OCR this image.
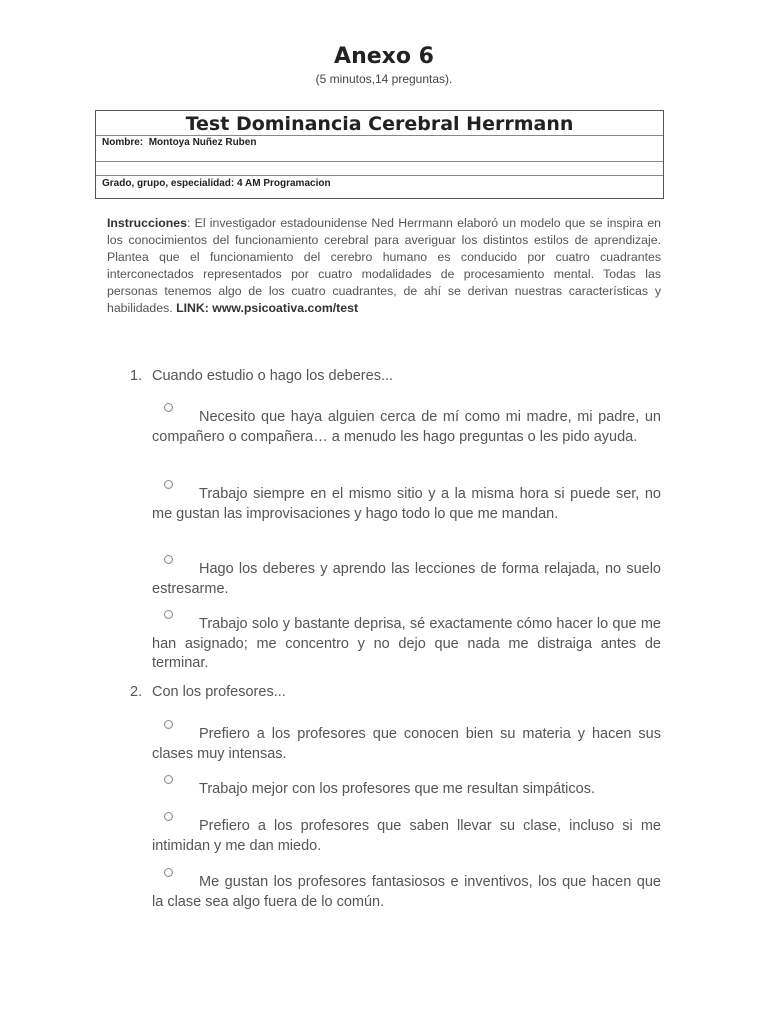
Anexo 6
(5 minutos,14 preguntas).
Test Dominancia Cerebral Herrmann
Nombre: Montoya Nuñez Ruben
Grado, grupo, especialidad: 4 AM Programacion
Instrucciones: El investigador estadounidense Ned Herrmann elaboró un modelo que se inspira en los conocimientos del funcionamiento cerebral para averiguar los distintos estilos de aprendizaje. Plantea que el funcionamiento del cerebro humano es conducido por cuatro cuadrantes interconectados representados por cuatro modalidades de procesamiento mental. Todas las personas tenemos algo de los cuatro cuadrantes, de ahí se derivan nuestras características y habilidades. LINK: www.psicoativa.com/test
1. Cuando estudio o hago los deberes...
Necesito que haya alguien cerca de mí como mi madre, mi padre, un compañero o compañera… a menudo les hago preguntas o les pido ayuda.
Trabajo siempre en el mismo sitio y a la misma hora si puede ser, no me gustan las improvisaciones y hago todo lo que me mandan.
Hago los deberes y aprendo las lecciones de forma relajada, no suelo estresarme.
Trabajo solo y bastante deprisa, sé exactamente cómo hacer lo que me han asignado; me concentro y no dejo que nada me distraiga antes de terminar.
2. Con los profesores...
Prefiero a los profesores que conocen bien su materia y hacen sus clases muy intensas.
Trabajo mejor con los profesores que me resultan simpáticos.
Prefiero a los profesores que saben llevar su clase, incluso si me intimidan y me dan miedo.
Me gustan los profesores fantasiosos e inventivos, los que hacen que la clase sea algo fuera de lo común.
